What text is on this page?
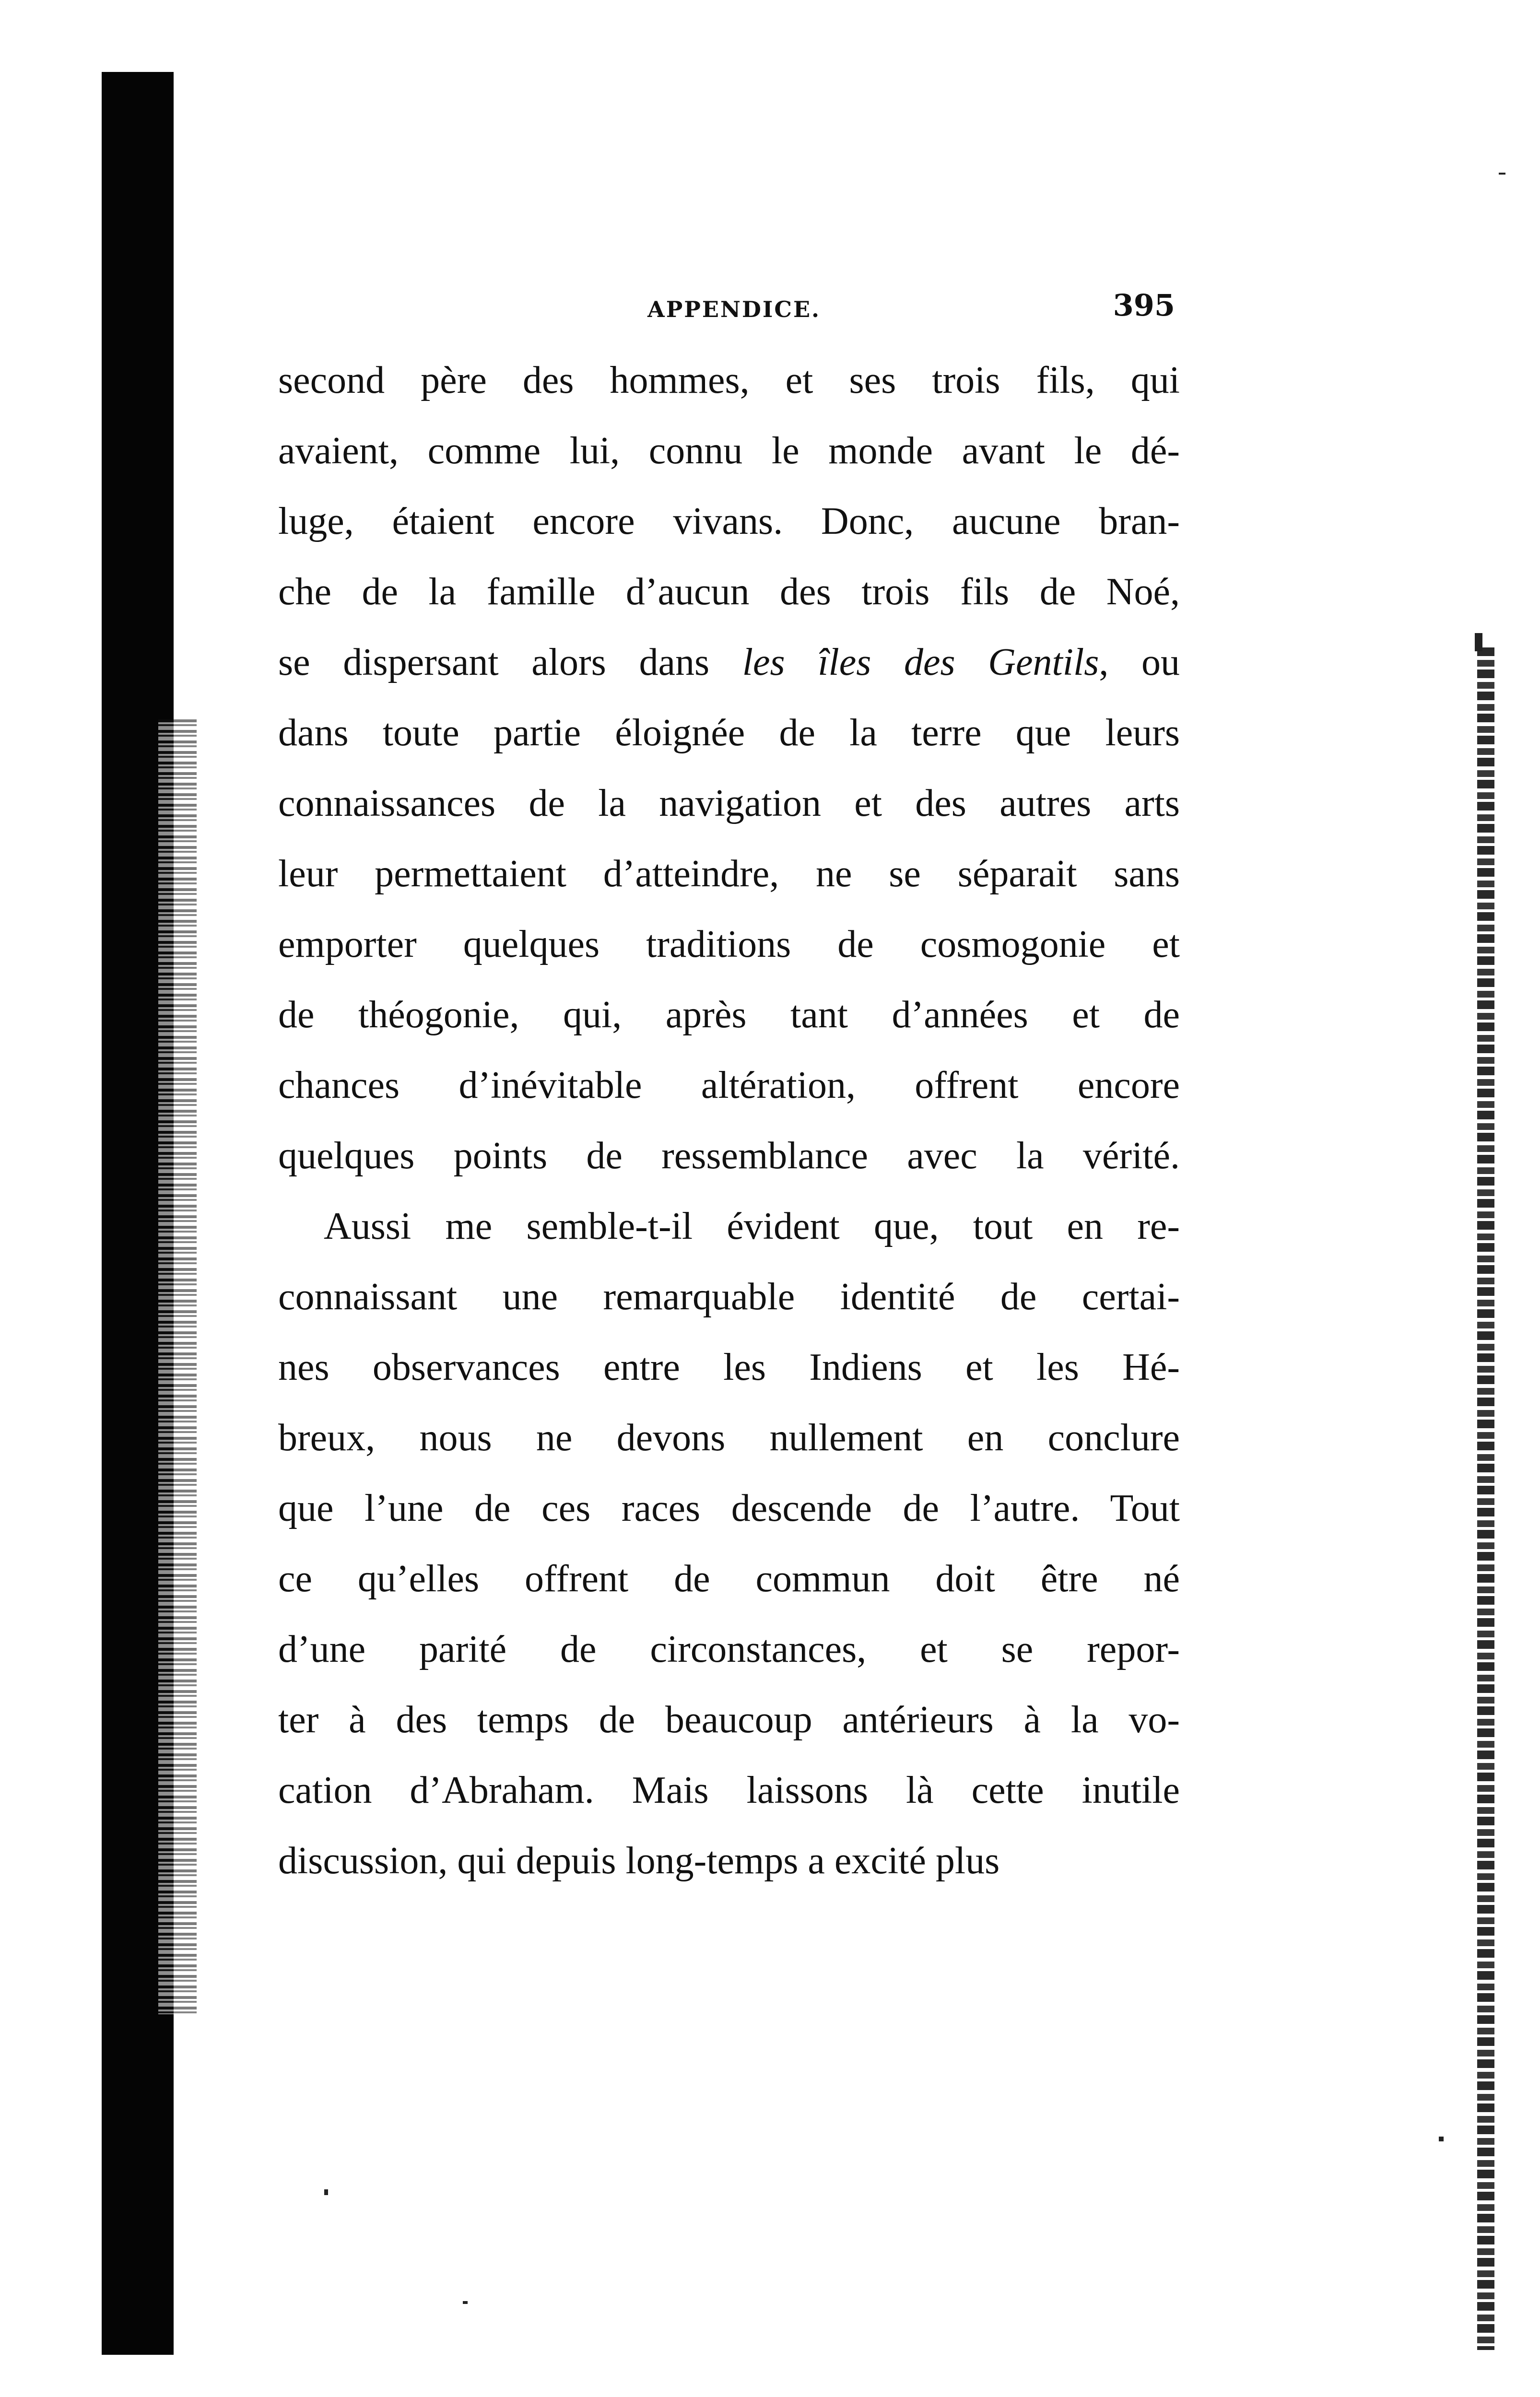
APPENDICE.	395
second père des hommes, et ses trois fils, qui
avaient, comme lui, connu le monde avant le dé-
luge, étaient encore vivans. Donc, aucune bran-
che de la famille d’aucun des trois fils de Noé,
se dispersant alors dans les îles des Gentils, ou
dans toute partie éloignée de la terre que leurs
connaissances de la navigation et des autres arts
leur permettaient d’atteindre, ne se séparait sans
emporter quelques traditions de cosmogonie et
de théogonie, qui, après tant d’années et de
chances d’inévitable altération, offrent encore
quelques points de ressemblance avec la vérité.
Aussi me semble-t-il évident que, tout en re-
connaissant une remarquable identité de certai-
nes observances entre les Indiens et les Hé-
breux, nous ne devons nullement en conclure
que l’une de ces races descende de l’autre. Tout
ce qu’elles offrent de commun doit être né
d’une parité de circonstances, et se repor-
ter à des temps de beaucoup antérieurs à la vo-
cation d’Abraham. Mais laissons là cette inutile
discussion, qui depuis long-temps a excité plus
